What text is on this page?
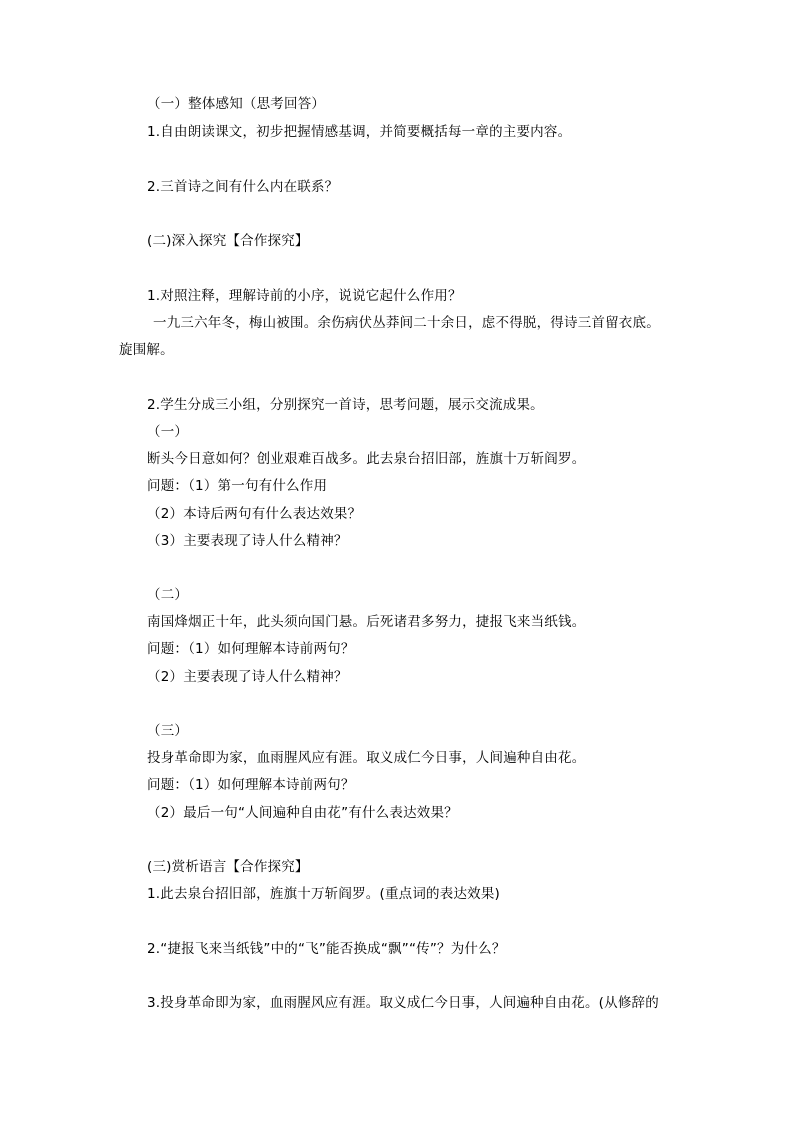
（一）整体感知（思考回答）
1.自由朗读课文，初步把握情感基调，并简要概括每一章的主要内容。
2.三首诗之间有什么内在联系？
(二)深入探究【合作探究】
1.对照注释，理解诗前的小序，说说它起什么作用？
一九三六年冬，梅山被围。余伤病伏丛莽间二十余日，虑不得脱，得诗三首留衣底。
旋围解。
2.学生分成三小组，分别探究一首诗，思考问题，展示交流成果。
（一）
断头今日意如何？创业艰难百战多。此去泉台招旧部，旌旗十万斩阎罗。
问题：（1）第一句有什么作用
（2）本诗后两句有什么表达效果？
（3）主要表现了诗人什么精神？
（二）
南国烽烟正十年，此头须向国门悬。后死诸君多努力，捷报飞来当纸钱。
问题：（1）如何理解本诗前两句？
（2）主要表现了诗人什么精神？
（三）
投身革命即为家，血雨腥风应有涯。取义成仁今日事，人间遍种自由花。
问题：（1）如何理解本诗前两句？
（2）最后一句“人间遍种自由花”有什么表达效果？
(三)赏析语言【合作探究】
1.此去泉台招旧部，旌旗十万斩阎罗。(重点词的表达效果)
2.“捷报飞来当纸钱”中的“飞”能否换成“飘”“传”？为什么？
3.投身革命即为家，血雨腥风应有涯。取义成仁今日事，人间遍种自由花。(从修辞的
